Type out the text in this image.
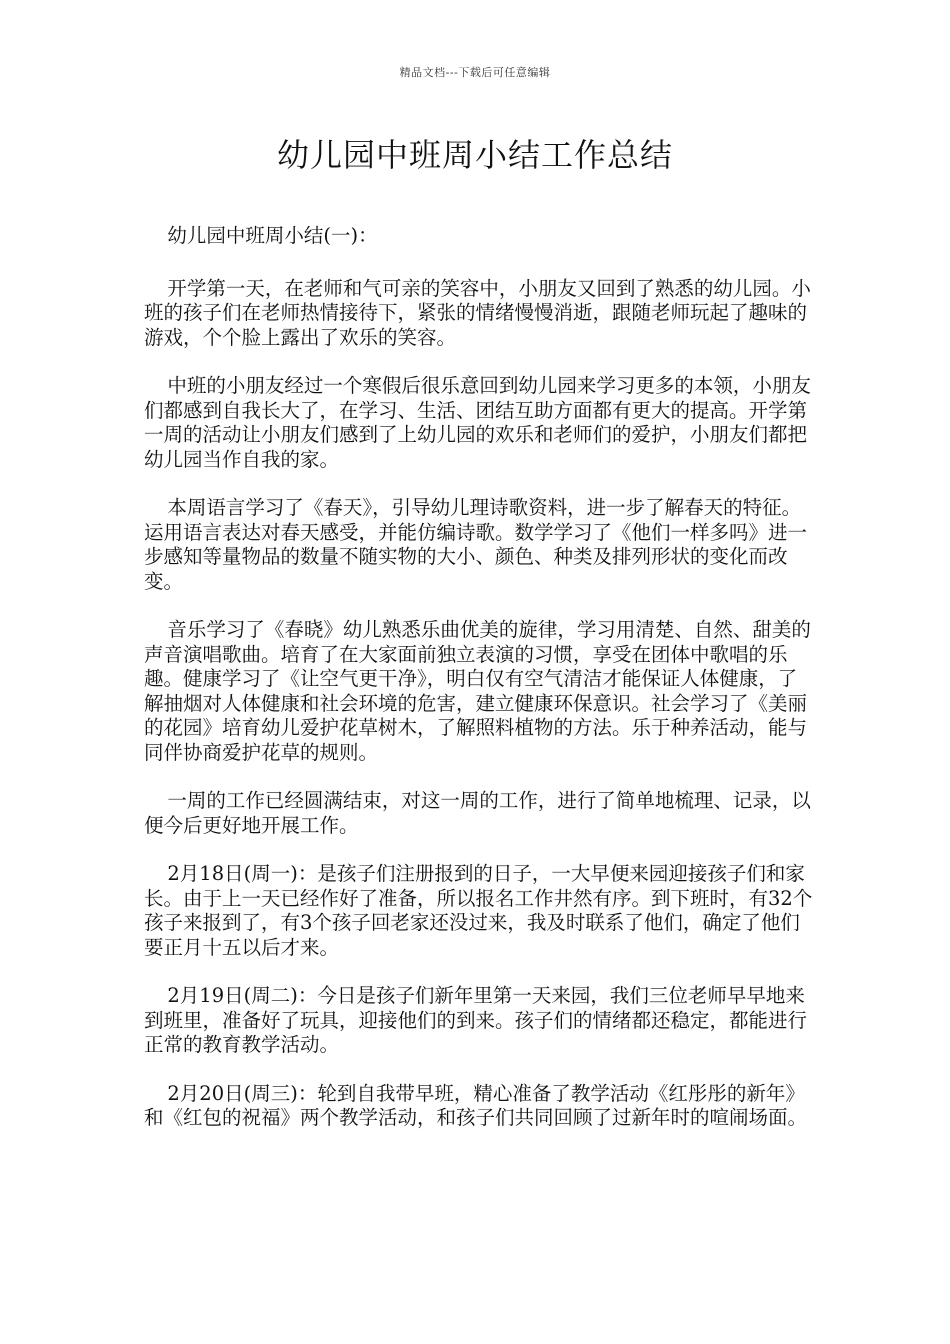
精品文档---下载后可任意编辑
幼儿园中班周小结工作总结

幼儿园中班周小结(一)：

开学第一天，在老师和气可亲的笑容中，小朋友又回到了熟悉的幼儿园。小班的孩子们在老师热情接待下，紧张的情绪慢慢消逝，跟随老师玩起了趣味的游戏，个个脸上露出了欢乐的笑容。

中班的小朋友经过一个寒假后很乐意回到幼儿园来学习更多的本领，小朋友们都感到自我长大了，在学习、生活、团结互助方面都有更大的提高。开学第一周的活动让小朋友们感到了上幼儿园的欢乐和老师们的爱护，小朋友们都把幼儿园当作自我的家。

本周语言学习了《春天》，引导幼儿理诗歌资料，进一步了解春天的特征。运用语言表达对春天感受，并能仿编诗歌。数学学习了《他们一样多吗》进一步感知等量物品的数量不随实物的大小、颜色、种类及排列形状的变化而改变。

音乐学习了《春晓》幼儿熟悉乐曲优美的旋律，学习用清楚、自然、甜美的声音演唱歌曲。培育了在大家面前独立表演的习惯，享受在团体中歌唱的乐趣。健康学习了《让空气更干净》，明白仅有空气清洁才能保证人体健康，了解抽烟对人体健康和社会环境的危害，建立健康环保意识。社会学习了《美丽的花园》培育幼儿爱护花草树木，了解照料植物的方法。乐于种养活动，能与同伴协商爱护花草的规则。

一周的工作已经圆满结束，对这一周的工作，进行了简单地梳理、记录，以便今后更好地开展工作。

2月18日(周一)：是孩子们注册报到的日子，一大早便来园迎接孩子们和家长。由于上一天已经作好了准备，所以报名工作井然有序。到下班时，有32个孩子来报到了，有3个孩子回老家还没过来，我及时联系了他们，确定了他们要正月十五以后才来。

2月19日(周二)：今日是孩子们新年里第一天来园，我们三位老师早早地来到班里，准备好了玩具，迎接他们的到来。孩子们的情绪都还稳定，都能进行正常的教育教学活动。

2月20日(周三)：轮到自我带早班，精心准备了教学活动《红彤彤的新年》和《红包的祝福》两个教学活动，和孩子们共同回顾了过新年时的喧闹场面。
